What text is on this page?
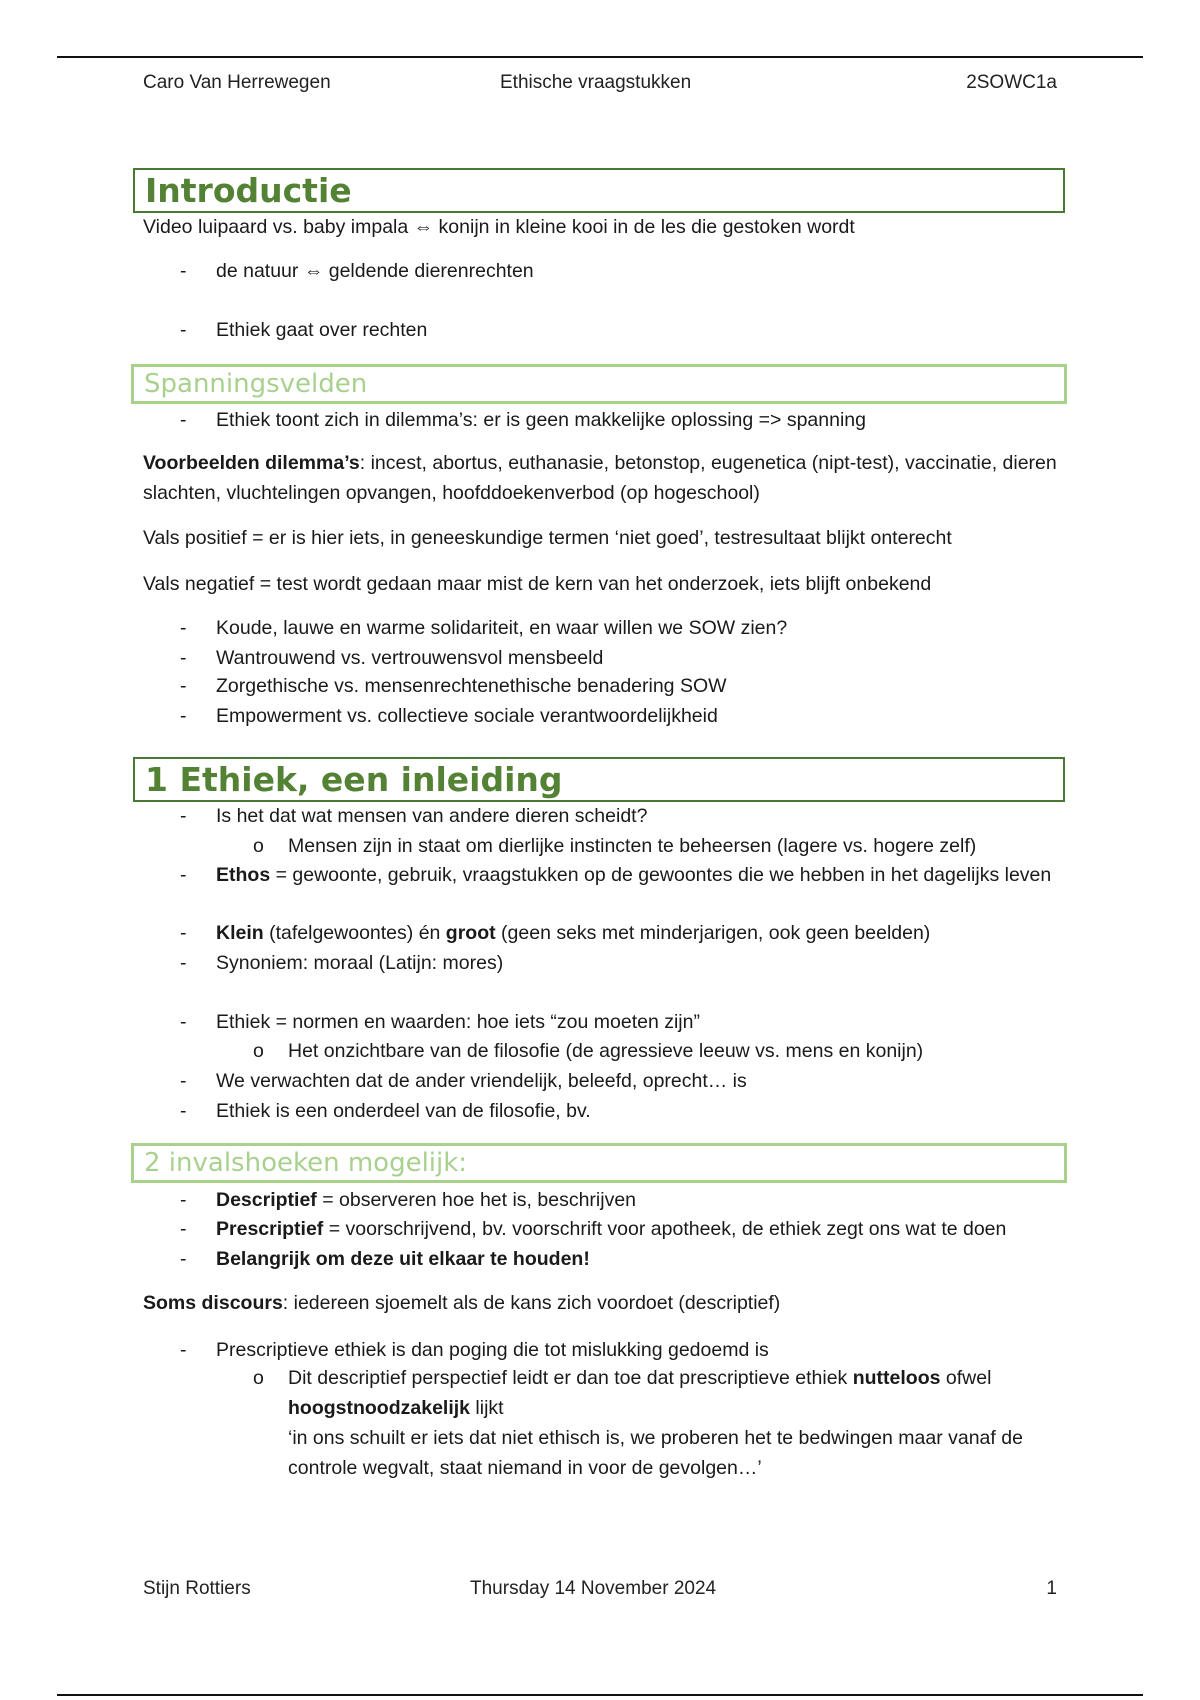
Caro Van Herrewegen	Ethische vraagstukken	2SOWC1a
Introductie
Video luipaard vs. baby impala ⇔ konijn in kleine kooi in de les die gestoken wordt
- de natuur ⇔ geldende dierenrechten
- Ethiek gaat over rechten
Spanningsvelden
- Ethiek toont zich in dilemma’s: er is geen makkelijke oplossing => spanning
Voorbeelden dilemma’s: incest, abortus, euthanasie, betonstop, eugenetica (nipt-test), vaccinatie, dieren slachten, vluchtelingen opvangen, hoofddoekenverbod (op hogeschool)
Vals positief = er is hier iets, in geneeskundige termen ‘niet goed’, testresultaat blijkt onterecht
Vals negatief = test wordt gedaan maar mist de kern van het onderzoek, iets blijft onbekend
- Koude, lauwe en warme solidariteit, en waar willen we SOW zien?
- Wantrouwend vs. vertrouwensvol mensbeeld
- Zorgethische vs. mensenrechtenethische benadering SOW
- Empowerment vs. collectieve sociale verantwoordelijkheid
1 Ethiek, een inleiding
- Is het dat wat mensen van andere dieren scheidt?
o Mensen zijn in staat om dierlijke instincten te beheersen (lagere vs. hogere zelf)
- Ethos = gewoonte, gebruik, vraagstukken op de gewoontes die we hebben in het dagelijks leven
- Klein (tafelgewoontes) én groot (geen seks met minderjarigen, ook geen beelden)
- Synoniem: moraal (Latijn: mores)
- Ethiek = normen en waarden: hoe iets “zou moeten zijn”
o Het onzichtbare van de filosofie (de agressieve leeuw vs. mens en konijn)
- We verwachten dat de ander vriendelijk, beleefd, oprecht… is
- Ethiek is een onderdeel van de filosofie, bv.
2 invalshoeken mogelijk:
- Descriptief = observeren hoe het is, beschrijven
- Prescriptief = voorschrijvend, bv. voorschrift voor apotheek, de ethiek zegt ons wat te doen
- Belangrijk om deze uit elkaar te houden!
Soms discours: iedereen sjoemelt als de kans zich voordoet (descriptief)
- Prescriptieve ethiek is dan poging die tot mislukking gedoemd is
o Dit descriptief perspectief leidt er dan toe dat prescriptieve ethiek nutteloos ofwel hoogstnoodzakelijk lijkt
‘in ons schuilt er iets dat niet ethisch is, we proberen het te bedwingen maar vanaf de controle wegvalt, staat niemand in voor de gevolgen…’
Stijn Rottiers	Thursday 14 November 2024	1
